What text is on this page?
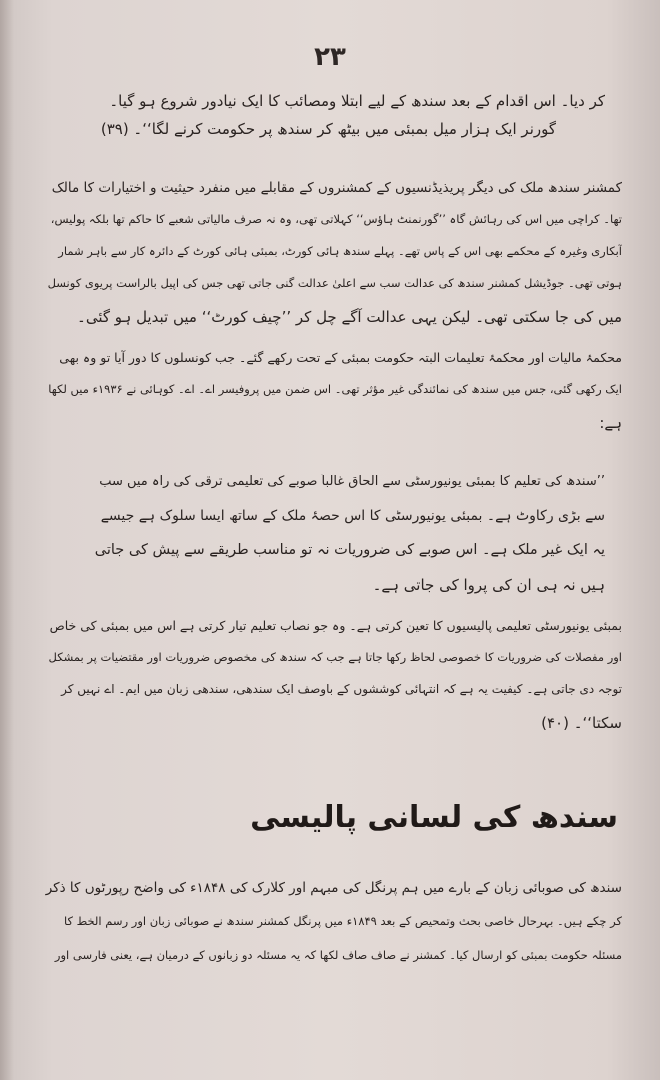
۲۳
کر دیا۔ اس اقدام کے بعد سندھ کے لیے ابتلا ومصائب کا ایک نیادور شروع ہو گیا۔
گورنر ایک ہزار میل بمبئی میں بیٹھ کر سندھ پر حکومت کرنے لگا‘‘۔ (۳۹)
کمشنر سندھ ملک کی دیگر پریذیڈنسیوں کے کمشنروں کے مقابلے میں منفرد حیثیت و اختیارات کا مالک
تھا۔ کراچی میں اس کی رہائش گاہ ’’گورنمنٹ ہاؤس‘‘ کہلاتی تھی، وہ نہ صرف مالیاتی شعبے کا حاکم تھا بلکہ پولیس،
آبکاری وغیرہ کے محکمے بھی اس کے پاس تھے۔ پہلے سندھ ہائی کورٹ، بمبئی ہائی کورٹ کے دائرہ کار سے باہر شمار
ہوتی تھی۔ جوڈیشل کمشنر سندھ کی عدالت سب سے اعلیٰ عدالت گنی جاتی تھی جس کی اپیل بالراست پریوی کونسل
میں کی جا سکتی تھی۔ لیکن یہی عدالت آگے چل کر ’’چیف کورٹ‘‘ میں تبدیل ہو گئی۔
محکمۂ مالیات اور محکمۂ تعلیمات البتہ حکومت بمبئی کے تحت رکھے گئے۔ جب کونسلوں کا دور آیا تو وہ بھی
ایک رکھی گئی، جس میں سندھ کی نمائندگی غیر مؤثر تھی۔ اس ضمن میں پروفیسر اے۔ اے۔ کوہائی نے ۱۹۳۶ء میں لکھا
ہے:
’’سندھ کی تعلیم کا بمبئی یونیورسٹی سے الحاق غالباً صوبے کی تعلیمی ترقی کی راہ میں سب
سے بڑی رکاوٹ ہے۔ بمبئی یونیورسٹی کا اس حصۂ ملک کے ساتھ ایسا سلوک ہے جیسے
یہ ایک غیر ملک ہے۔ اس صوبے کی ضروریات نہ تو مناسب طریقے سے پیش کی جاتی
ہیں نہ ہی ان کی پروا کی جاتی ہے۔
بمبئی یونیورسٹی تعلیمی پالیسیوں کا تعین کرتی ہے۔ وہ جو نصاب تعلیم تیار کرتی ہے اس میں بمبئی کی خاص
اور مفصلات کی ضروریات کا خصوصی لحاظ رکھا جاتا ہے جب کہ سندھ کی مخصوص ضروریات اور مقتضیات پر بمشکل
توجہ دی جاتی ہے۔ کیفیت یہ ہے کہ انتہائی کوششوں کے باوصف ایک سندھی، سندھی زبان میں ایم۔ اے نہیں کر
سکتا‘‘۔ (۴۰)
سندھ کی لسانی پالیسی
سندھ کی صوبائی زبان کے بارے میں ہم پرنگل کی مبہم اور کلارک کی ۱۸۴۸ء کی واضح رپورٹوں کا ذکر
کر چکے ہیں۔ بہرحال خاصی بحث وتمحیص کے بعد ۱۸۴۹ء میں پرنگل کمشنر سندھ نے صوبائی زبان اور رسم الخط کا
مسئلہ حکومت بمبئی کو ارسال کیا۔ کمشنر نے صاف صاف لکھا کہ یہ مسئلہ دو زبانوں کے درمیان ہے، یعنی فارسی اور
